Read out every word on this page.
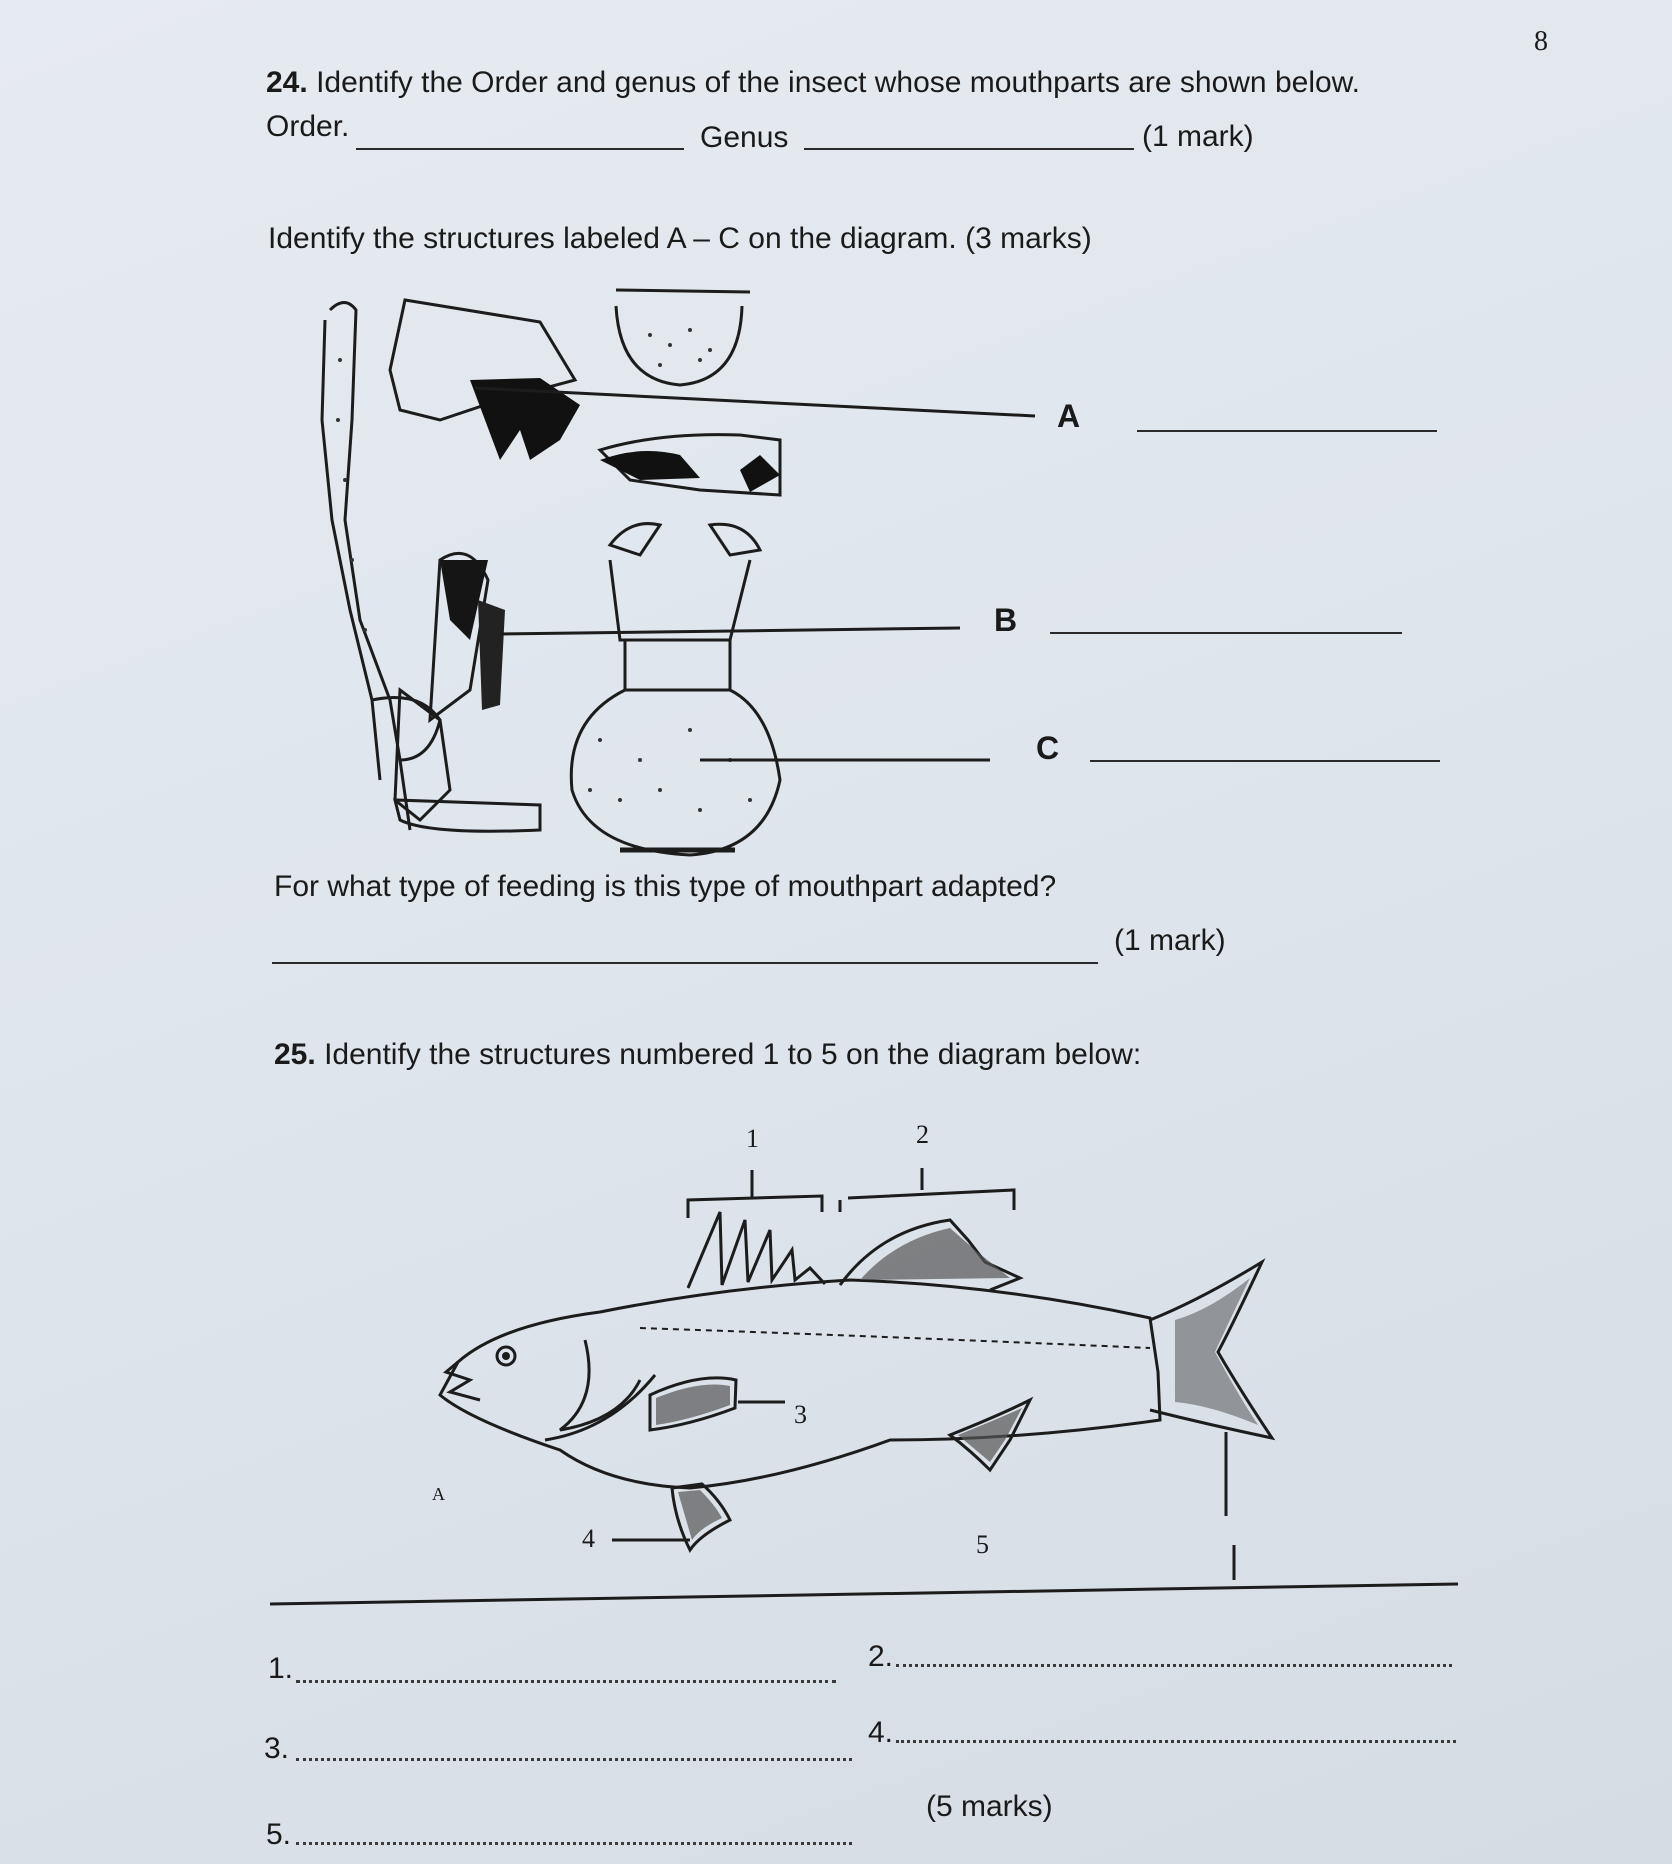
8
24. Identify the Order and genus of the insect whose mouthparts are shown below.
Order.	Genus	(1 mark)
Identify the structures labeled A – C on the diagram. (3 marks)
A
B
C
For what type of feeding is this type of mouthpart adapted?
(1 mark)
25. Identify the structures numbered 1 to 5 on the diagram below:
1	2
3
4	5
A
1.	2.
3.	4.
5.
(5 marks)
